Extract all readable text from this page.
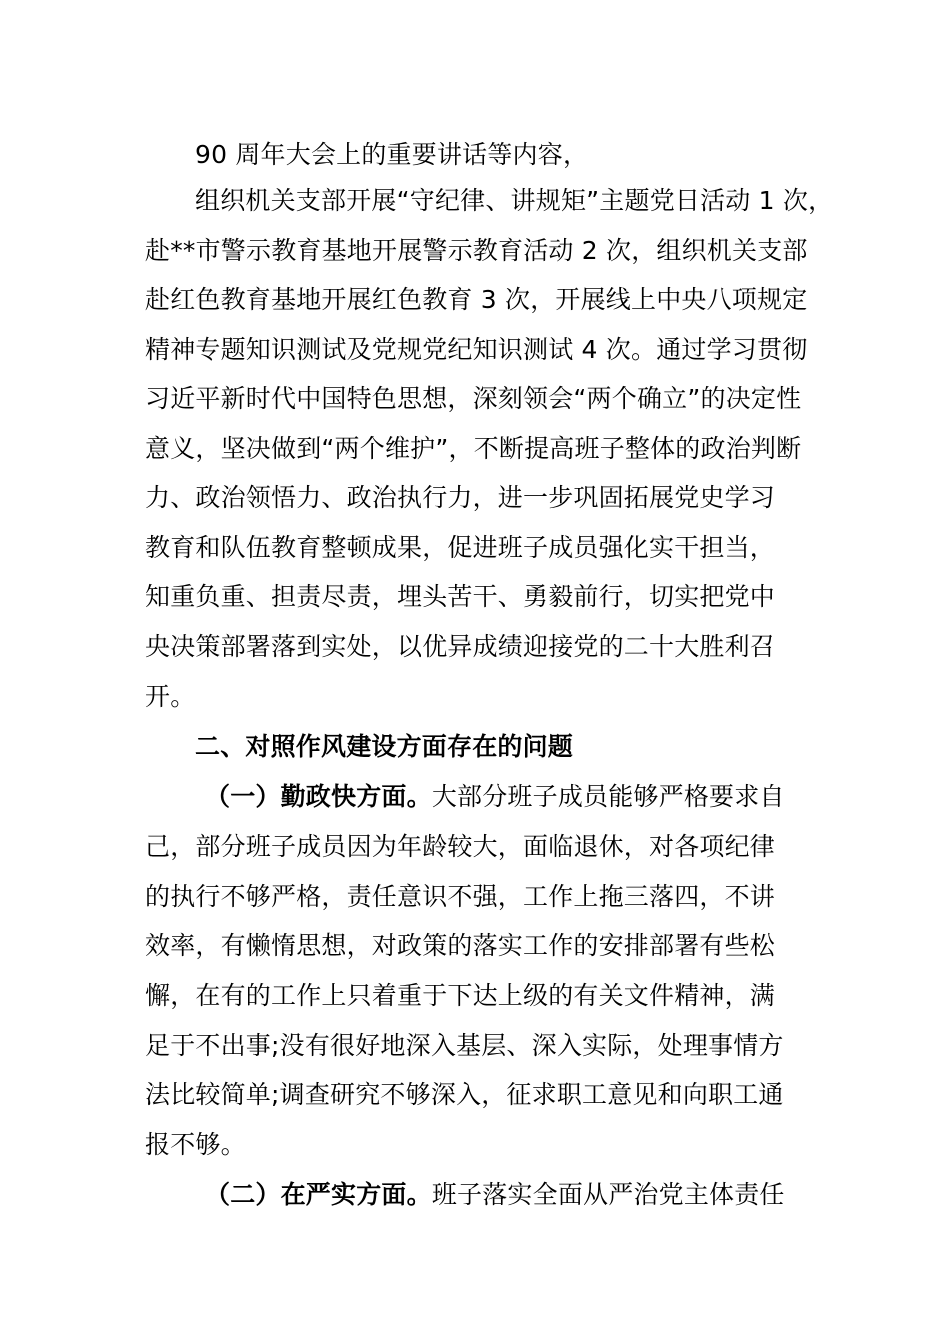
90 周年大会上的重要讲话等内容，
组织机关支部开展“守纪律、讲规矩”主题党日活动 1 次，
赴**市警示教育基地开展警示教育活动 2 次，组织机关支部
赴红色教育基地开展红色教育 3 次，开展线上中央八项规定
精神专题知识测试及党规党纪知识测试 4 次。通过学习贯彻
习近平新时代中国特色思想，深刻领会“两个确立”的决定性
意义，坚决做到“两个维护”，不断提高班子整体的政治判断
力、政治领悟力、政治执行力，进一步巩固拓展党史学习
教育和队伍教育整顿成果，促进班子成员强化实干担当，
知重负重、担责尽责，埋头苦干、勇毅前行，切实把党中
央决策部署落到实处，以优异成绩迎接党的二十大胜利召
开。
二、对照作风建设方面存在的问题
（一）勤政快方面。大部分班子成员能够严格要求自
己，部分班子成员因为年龄较大，面临退休，对各项纪律
的执行不够严格，责任意识不强，工作上拖三落四，不讲
效率，有懒惰思想，对政策的落实工作的安排部署有些松
懈，在有的工作上只着重于下达上级的有关文件精神，满
足于不出事;没有很好地深入基层、深入实际，处理事情方
法比较简单;调查研究不够深入，征求职工意见和向职工通
报不够。
（二）在严实方面。班子落实全面从严治党主体责任
